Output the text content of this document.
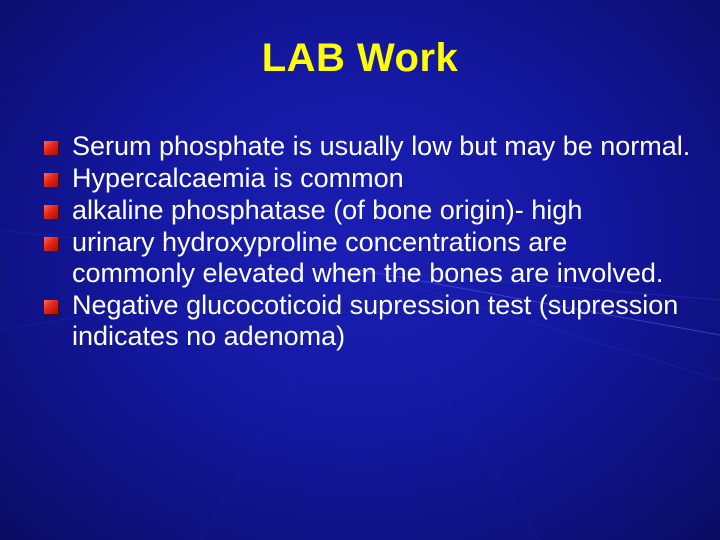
LAB Work
Serum phosphate is usually low but may be normal.
Hypercalcaemia is common
alkaline phosphatase (of bone origin)- high
urinary hydroxyproline concentrations are commonly elevated when the bones are involved.
Negative glucocoticoid supression test (supression indicates no adenoma)
